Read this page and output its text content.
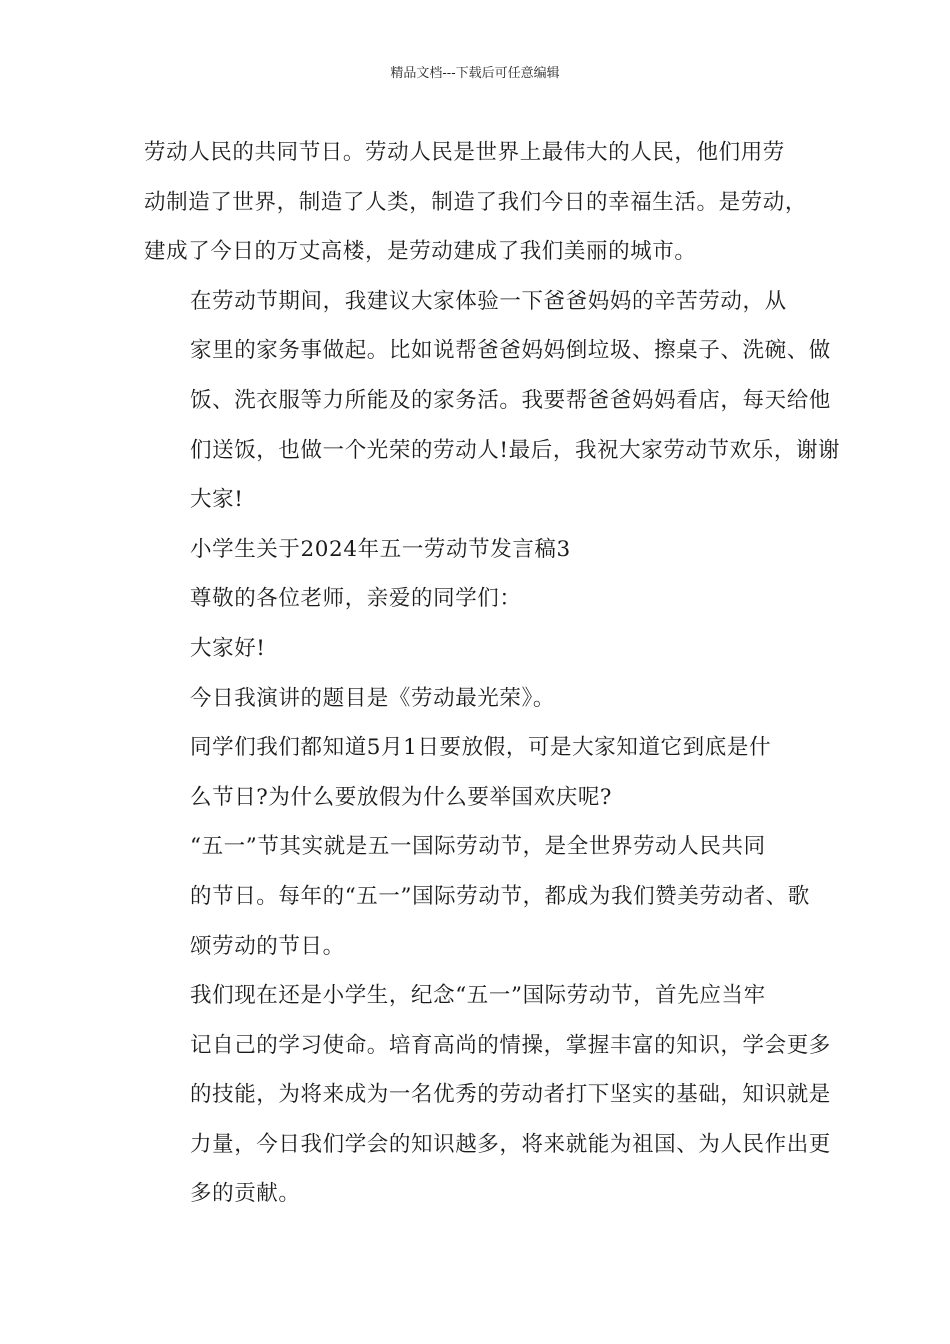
精品文档---下载后可任意编辑

劳动人民的共同节日。劳动人民是世界上最伟大的人民，他们用劳
动制造了世界，制造了人类，制造了我们今日的幸福生活。是劳动，
建成了今日的万丈高楼，是劳动建成了我们美丽的城市。

在劳动节期间，我建议大家体验一下爸爸妈妈的辛苦劳动，从
家里的家务事做起。比如说帮爸爸妈妈倒垃圾、擦桌子、洗碗、做
饭、洗衣服等力所能及的家务活。我要帮爸爸妈妈看店，每天给他
们送饭，也做一个光荣的劳动人!最后，我祝大家劳动节欢乐，谢谢
大家!

小学生关于2024年五一劳动节发言稿3

尊敬的各位老师，亲爱的同学们：

大家好!

今日我演讲的题目是《劳动最光荣》。

同学们我们都知道5月1日要放假，可是大家知道它到底是什
么节日?为什么要放假为什么要举国欢庆呢?

“五一”节其实就是五一国际劳动节，是全世界劳动人民共同
的节日。每年的“五一”国际劳动节，都成为我们赞美劳动者、歌
颂劳动的节日。

我们现在还是小学生，纪念“五一”国际劳动节，首先应当牢
记自己的学习使命。培育高尚的情操，掌握丰富的知识，学会更多
的技能，为将来成为一名优秀的劳动者打下坚实的基础，知识就是
力量，今日我们学会的知识越多，将来就能为祖国、为人民作出更
多的贡献。
